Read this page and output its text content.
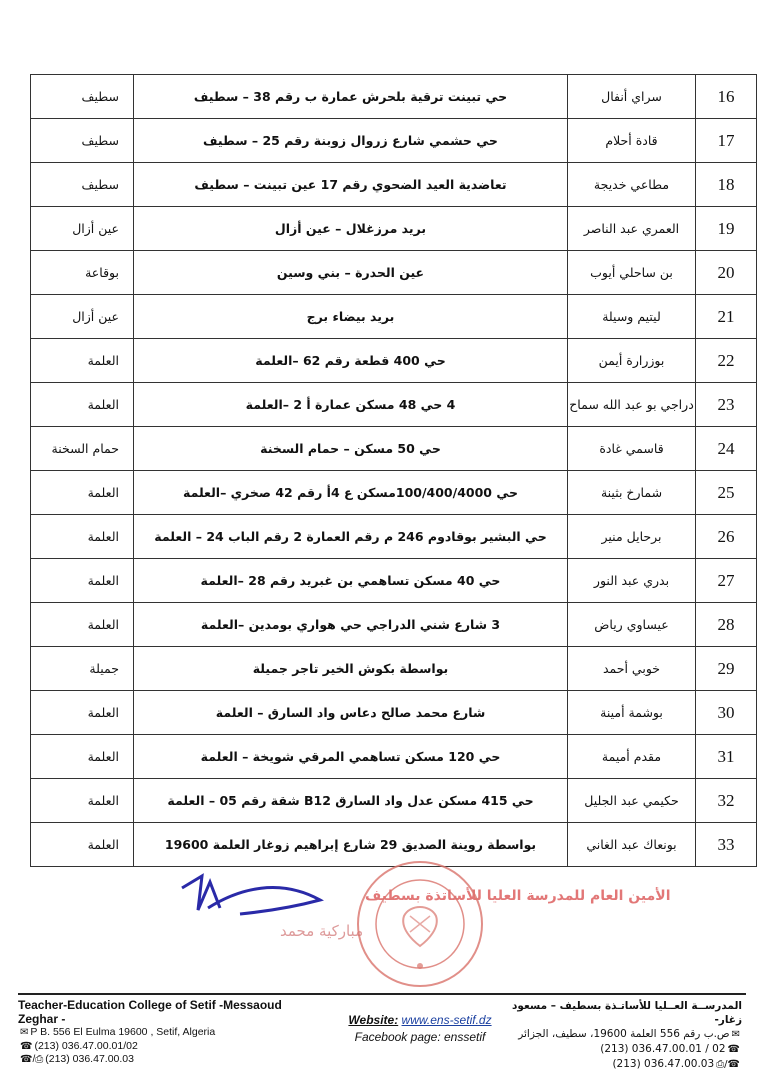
سطيف	حي تبينت ترقية بلحرش عمارة ب رقم 38 – سطيف	سراي أنفال	16
سطيف	حي حشمي شارع زروال زوبنة رقم 25 – سطيف	قادة أحلام	17
سطيف	تعاضدية العيد الضحوي رقم 17 عين تبينت – سطيف	مطاعي خديجة	18
عين أزال	بريد مرزغلال – عين أزال	العمري عبد الناصر	19
بوقاعة	عين الحدرة – بني وسين	بن ساحلي أيوب	20
عين أزال	بريد بيضاء برج	ليتيم وسيلة	21
العلمة	حي 400 قطعة رقم 62 –العلمة	بوزرارة أيمن	22
العلمة	4 حي 48 مسكن عمارة أ 2 –العلمة	دراجي بو عبد الله سماح	23
حمام السخنة	حي 50 مسكن – حمام السخنة	قاسمي غادة	24
العلمة	حي 100/400/4000مسكن ع 4أ رقم 42 صخري –العلمة	شمارخ بثينة	25
العلمة	حي البشير بوقادوم 246 م رقم العمارة 2 رقم الباب 24 – العلمة	برحايل منير	26
العلمة	حي 40 مسكن تساهمي بن غبريد رقم 28 –العلمة	بدري عبد النور	27
العلمة	3 شارع شني الدراجي حي هواري بومدين –العلمة	عيساوي رياض	28
جميلة	بواسطة بكوش الخير تاجر جميلة	خوبي أحمد	29
العلمة	شارع محمد صالح دعاس واد السارق – العلمة	بوشمة أمينة	30
العلمة	حي 120 مسكن تساهمي المرقي شويخة – العلمة	مقدم أميمة	31
العلمة	حي 415 مسكن عدل واد السارق B12 شقة رقم 05 – العلمة	حكيمي عبد الجليل	32
العلمة	بواسطة روينة الصديق 29 شارع إبراهيم زوغار العلمة 19600	بونعاك عبد الغاني	33
الأمين العام للمدرسة العليا للأساتذة بسطيف
مباركية محمد
Teacher-Education College of Setif -Messaoud Zeghar -
✉ P B. 556 El Eulma 19600 , Setif, Algeria
☎ (213) 036.47.00.01/02
☎/⎙ (213) 036.47.00.03
Website: www.ens-setif.dz
Facebook page: enssetif
المدرســة العــليا للأساتـذة بسطيف – مسعود زغار-
ص.ب رقم 556 العلمة 19600، سطيف، الجزائر ✉
(213) 036.47.00.01 / 02 ☎
(213) 036.47.00.03 ⎙/☎
